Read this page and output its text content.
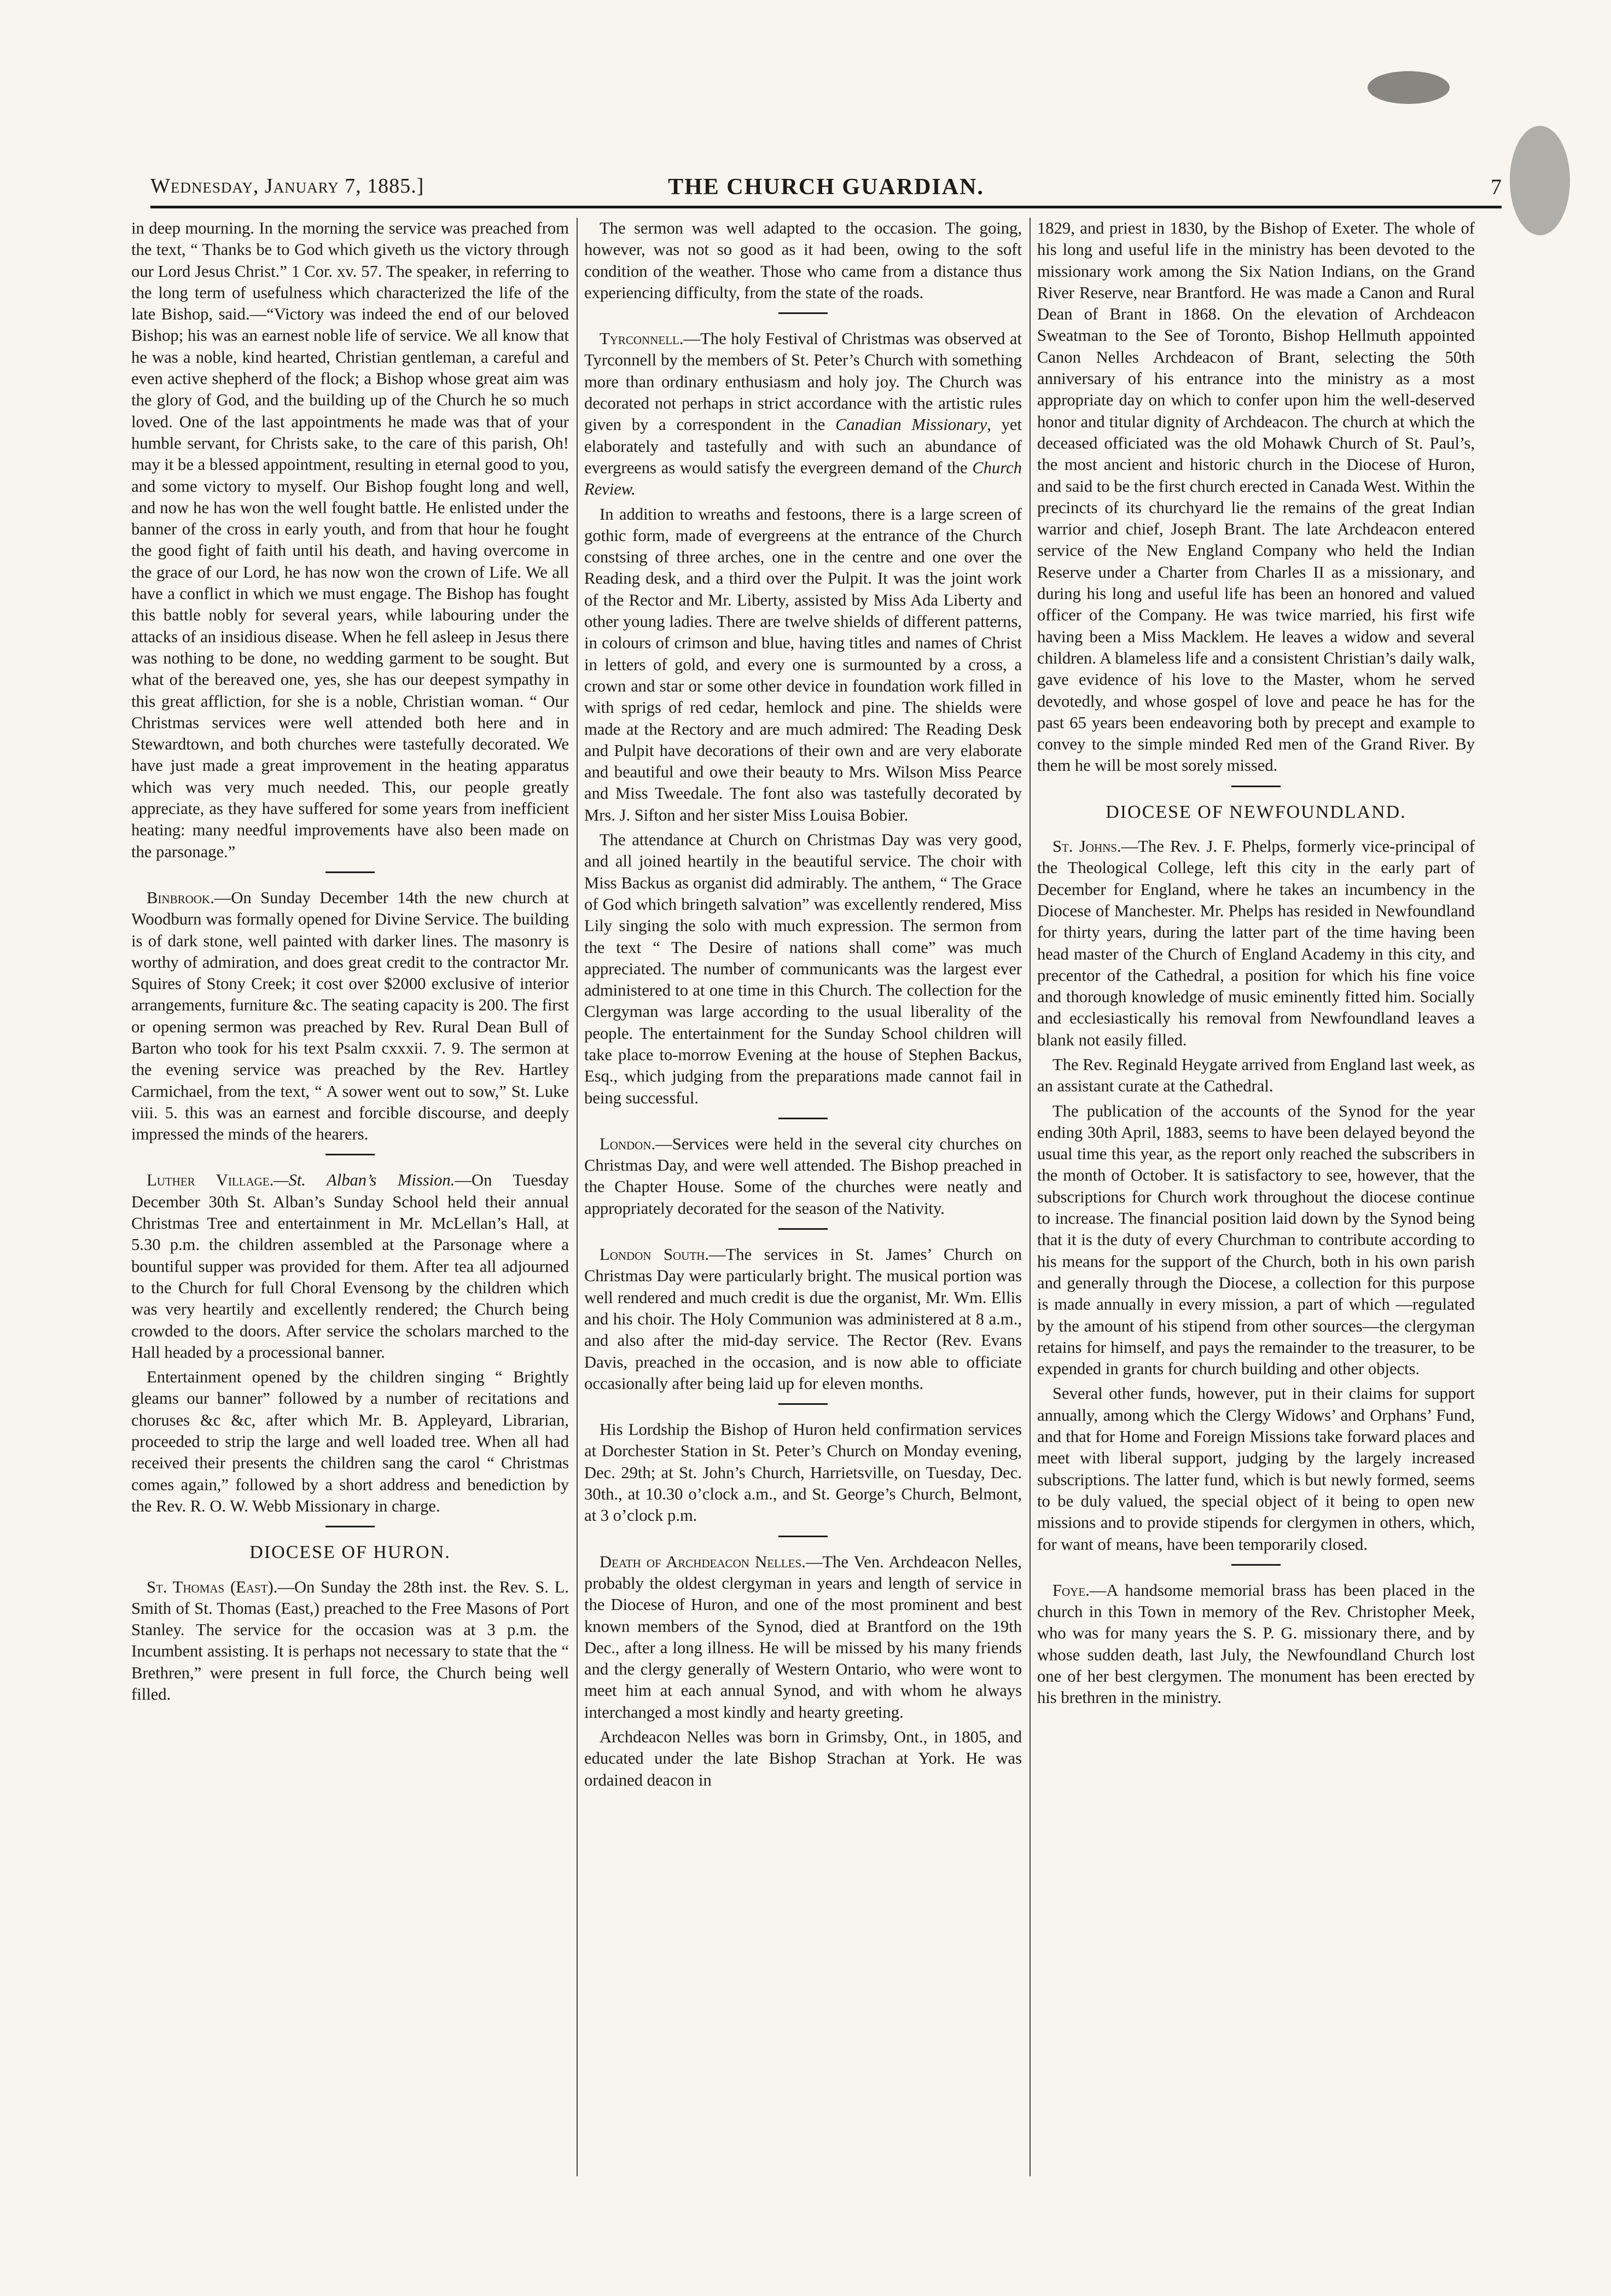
Wednesday, January 7, 1885.]	THE CHURCH GUARDIAN.	7

in deep mourning. In the morning the service was preached from the text, “ Thanks be to God which giveth us the victory through our Lord Jesus Christ.” 1 Cor. xv. 57. The speaker, in referring to the long term of usefulness which characterized the life of the late Bishop, said.—“Victory was indeed the end of our beloved Bishop; his was an earnest noble life of service. We all know that he was a noble, kind hearted, Christian gentleman, a careful and even active shepherd of the flock; a Bishop whose great aim was the glory of God, and the building up of the Church he so much loved. One of the last appointments he made was that of your humble servant, for Christs sake, to the care of this parish, Oh! may it be a blessed appointment, resulting in eternal good to you, and some victory to myself. Our Bishop fought long and well, and now he has won the well fought battle. He enlisted under the banner of the cross in early youth, and from that hour he fought the good fight of faith until his death, and having overcome in the grace of our Lord, he has now won the crown of Life. We all have a conflict in which we must engage. The Bishop has fought this battle nobly for several years, while labouring under the attacks of an insidious disease. When he fell asleep in Jesus there was nothing to be done, no wedding garment to be sought. But what of the bereaved one, yes, she has our deepest sympathy in this great affliction, for she is a noble, Christian woman. “ Our Christmas services were well attended both here and in Stewardtown, and both churches were tastefully decorated. We have just made a great improvement in the heating apparatus which was very much needed. This, our people greatly appreciate, as they have suffered for some years from inefficient heating: many needful improvements have also been made on the parsonage.”

Binbrook.—On Sunday December 14th the new church at Woodburn was formally opened for Divine Service. The building is of dark stone, well painted with darker lines. The masonry is worthy of admiration, and does great credit to the contractor Mr. Squires of Stony Creek; it cost over $2000 exclusive of interior arrangements, furniture &c. The seating capacity is 200. The first or opening sermon was preached by Rev. Rural Dean Bull of Barton who took for his text Psalm cxxxii. 7. 9. The sermon at the evening service was preached by the Rev. Hartley Carmichael, from the text, “ A sower went out to sow,” St. Luke viii. 5. this was an earnest and forcible discourse, and deeply impressed the minds of the hearers.

Luther Village.—St. Alban’s Mission.—On Tuesday December 30th St. Alban’s Sunday School held their annual Christmas Tree and entertainment in Mr. McLellan’s Hall, at 5.30 p.m. the children assembled at the Parsonage where a bountiful supper was provided for them. After tea all adjourned to the Church for full Choral Evensong by the children which was very heartily and excellently rendered; the Church being crowded to the doors. After service the scholars marched to the Hall headed by a processional banner.

Entertainment opened by the children singing “ Brightly gleams our banner” followed by a number of recitations and choruses &c &c, after which Mr. B. Appleyard, Librarian, proceeded to strip the large and well loaded tree. When all had received their presents the children sang the carol “ Christmas comes again,” followed by a short address and benediction by the Rev. R. O. W. Webb Missionary in charge.

DIOCESE OF HURON.

St. Thomas (East).—On Sunday the 28th inst. the Rev. S. L. Smith of St. Thomas (East,) preached to the Free Masons of Port Stanley. The service for the occasion was at 3 p.m. the Incumbent assisting. It is perhaps not necessary to state that the “ Brethren,” were present in full force, the Church being well filled.

The sermon was well adapted to the occasion. The going, however, was not so good as it had been, owing to the soft condition of the weather. Those who came from a distance thus experiencing difficulty, from the state of the roads.

Tyrconnell.—The holy Festival of Christmas was observed at Tyrconnell by the members of St. Peter’s Church with something more than ordinary enthusiasm and holy joy. The Church was decorated not perhaps in strict accordance with the artistic rules given by a correspondent in the Canadian Missionary, yet elaborately and tastefully and with such an abundance of evergreens as would satisfy the evergreen demand of the Church Review.

In addition to wreaths and festoons, there is a large screen of gothic form, made of evergreens at the entrance of the Church constsing of three arches, one in the centre and one over the Reading desk, and a third over the Pulpit. It was the joint work of the Rector and Mr. Liberty, assisted by Miss Ada Liberty and other young ladies. There are twelve shields of different patterns, in colours of crimson and blue, having titles and names of Christ in letters of gold, and every one is surmounted by a cross, a crown and star or some other device in foundation work filled in with sprigs of red cedar, hemlock and pine. The shields were made at the Rectory and are much admired: The Reading Desk and Pulpit have decorations of their own and are very elaborate and beautiful and owe their beauty to Mrs. Wilson Miss Pearce and Miss Tweedale. The font also was tastefully decorated by Mrs. J. Sifton and her sister Miss Louisa Bobier.

The attendance at Church on Christmas Day was very good, and all joined heartily in the beautiful service. The choir with Miss Backus as organist did admirably. The anthem, “ The Grace of God which bringeth salvation” was excellently rendered, Miss Lily singing the solo with much expression. The sermon from the text “ The Desire of nations shall come” was much appreciated. The number of communicants was the largest ever administered to at one time in this Church. The collection for the Clergyman was large according to the usual liberality of the people. The entertainment for the Sunday School children will take place to-morrow Evening at the house of Stephen Backus, Esq., which judging from the preparations made cannot fail in being successful.

London.—Services were held in the several city churches on Christmas Day, and were well attended. The Bishop preached in the Chapter House. Some of the churches were neatly and appropriately decorated for the season of the Nativity.

London South.—The services in St. James’ Church on Christmas Day were particularly bright. The musical portion was well rendered and much credit is due the organist, Mr. Wm. Ellis and his choir. The Holy Communion was administered at 8 a.m., and also after the mid-day service. The Rector (Rev. Evans Davis, preached in the occasion, and is now able to officiate occasionally after being laid up for eleven months.

His Lordship the Bishop of Huron held confirmation services at Dorchester Station in St. Peter’s Church on Monday evening, Dec. 29th; at St. John’s Church, Harrietsville, on Tuesday, Dec. 30th., at 10.30 o’clock a.m., and St. George’s Church, Belmont, at 3 o’clock p.m.

Death of Archdeacon Nelles.—The Ven. Archdeacon Nelles, probably the oldest clergyman in years and length of service in the Diocese of Huron, and one of the most prominent and best known members of the Synod, died at Brantford on the 19th Dec., after a long illness. He will be missed by his many friends and the clergy generally of Western Ontario, who were wont to meet him at each annual Synod, and with whom he always interchanged a most kindly and hearty greeting.

Archdeacon Nelles was born in Grimsby, Ont., in 1805, and educated under the late Bishop Strachan at York. He was ordained deacon in

1829, and priest in 1830, by the Bishop of Exeter. The whole of his long and useful life in the ministry has been devoted to the missionary work among the Six Nation Indians, on the Grand River Reserve, near Brantford. He was made a Canon and Rural Dean of Brant in 1868. On the elevation of Archdeacon Sweatman to the See of Toronto, Bishop Hellmuth appointed Canon Nelles Archdeacon of Brant, selecting the 50th anniversary of his entrance into the ministry as a most appropriate day on which to confer upon him the well-deserved honor and titular dignity of Archdeacon. The church at which the deceased officiated was the old Mohawk Church of St. Paul’s, the most ancient and historic church in the Diocese of Huron, and said to be the first church erected in Canada West. Within the precincts of its churchyard lie the remains of the great Indian warrior and chief, Joseph Brant. The late Archdeacon entered service of the New England Company who held the Indian Reserve under a Charter from Charles II as a missionary, and during his long and useful life has been an honored and valued officer of the Company. He was twice married, his first wife having been a Miss Macklem. He leaves a widow and several children. A blameless life and a consistent Christian’s daily walk, gave evidence of his love to the Master, whom he served devotedly, and whose gospel of love and peace he has for the past 65 years been endeavoring both by precept and example to convey to the simple minded Red men of the Grand River. By them he will be most sorely missed.

DIOCESE OF NEWFOUNDLAND.

St. Johns.—The Rev. J. F. Phelps, formerly vice-principal of the Theological College, left this city in the early part of December for England, where he takes an incumbency in the Diocese of Manchester. Mr. Phelps has resided in Newfoundland for thirty years, during the latter part of the time having been head master of the Church of England Academy in this city, and precentor of the Cathedral, a position for which his fine voice and thorough knowledge of music eminently fitted him. Socially and ecclesiastically his removal from Newfoundland leaves a blank not easily filled.

The Rev. Reginald Heygate arrived from England last week, as an assistant curate at the Cathedral.

The publication of the accounts of the Synod for the year ending 30th April, 1883, seems to have been delayed beyond the usual time this year, as the report only reached the subscribers in the month of October. It is satisfactory to see, however, that the subscriptions for Church work throughout the diocese continue to increase. The financial position laid down by the Synod being that it is the duty of every Churchman to contribute according to his means for the support of the Church, both in his own parish and generally through the Diocese, a collection for this purpose is made annually in every mission, a part of which —regulated by the amount of his stipend from other sources—the clergyman retains for himself, and pays the remainder to the treasurer, to be expended in grants for church building and other objects.

Several other funds, however, put in their claims for support annually, among which the Clergy Widows’ and Orphans’ Fund, and that for Home and Foreign Missions take forward places and meet with liberal support, judging by the largely increased subscriptions. The latter fund, which is but newly formed, seems to be duly valued, the special object of it being to open new missions and to provide stipends for clergymen in others, which, for want of means, have been temporarily closed.

Foye.—A handsome memorial brass has been placed in the church in this Town in memory of the Rev. Christopher Meek, who was for many years the S. P. G. missionary there, and by whose sudden death, last July, the Newfoundland Church lost one of her best clergymen. The monument has been erected by his brethren in the ministry.
